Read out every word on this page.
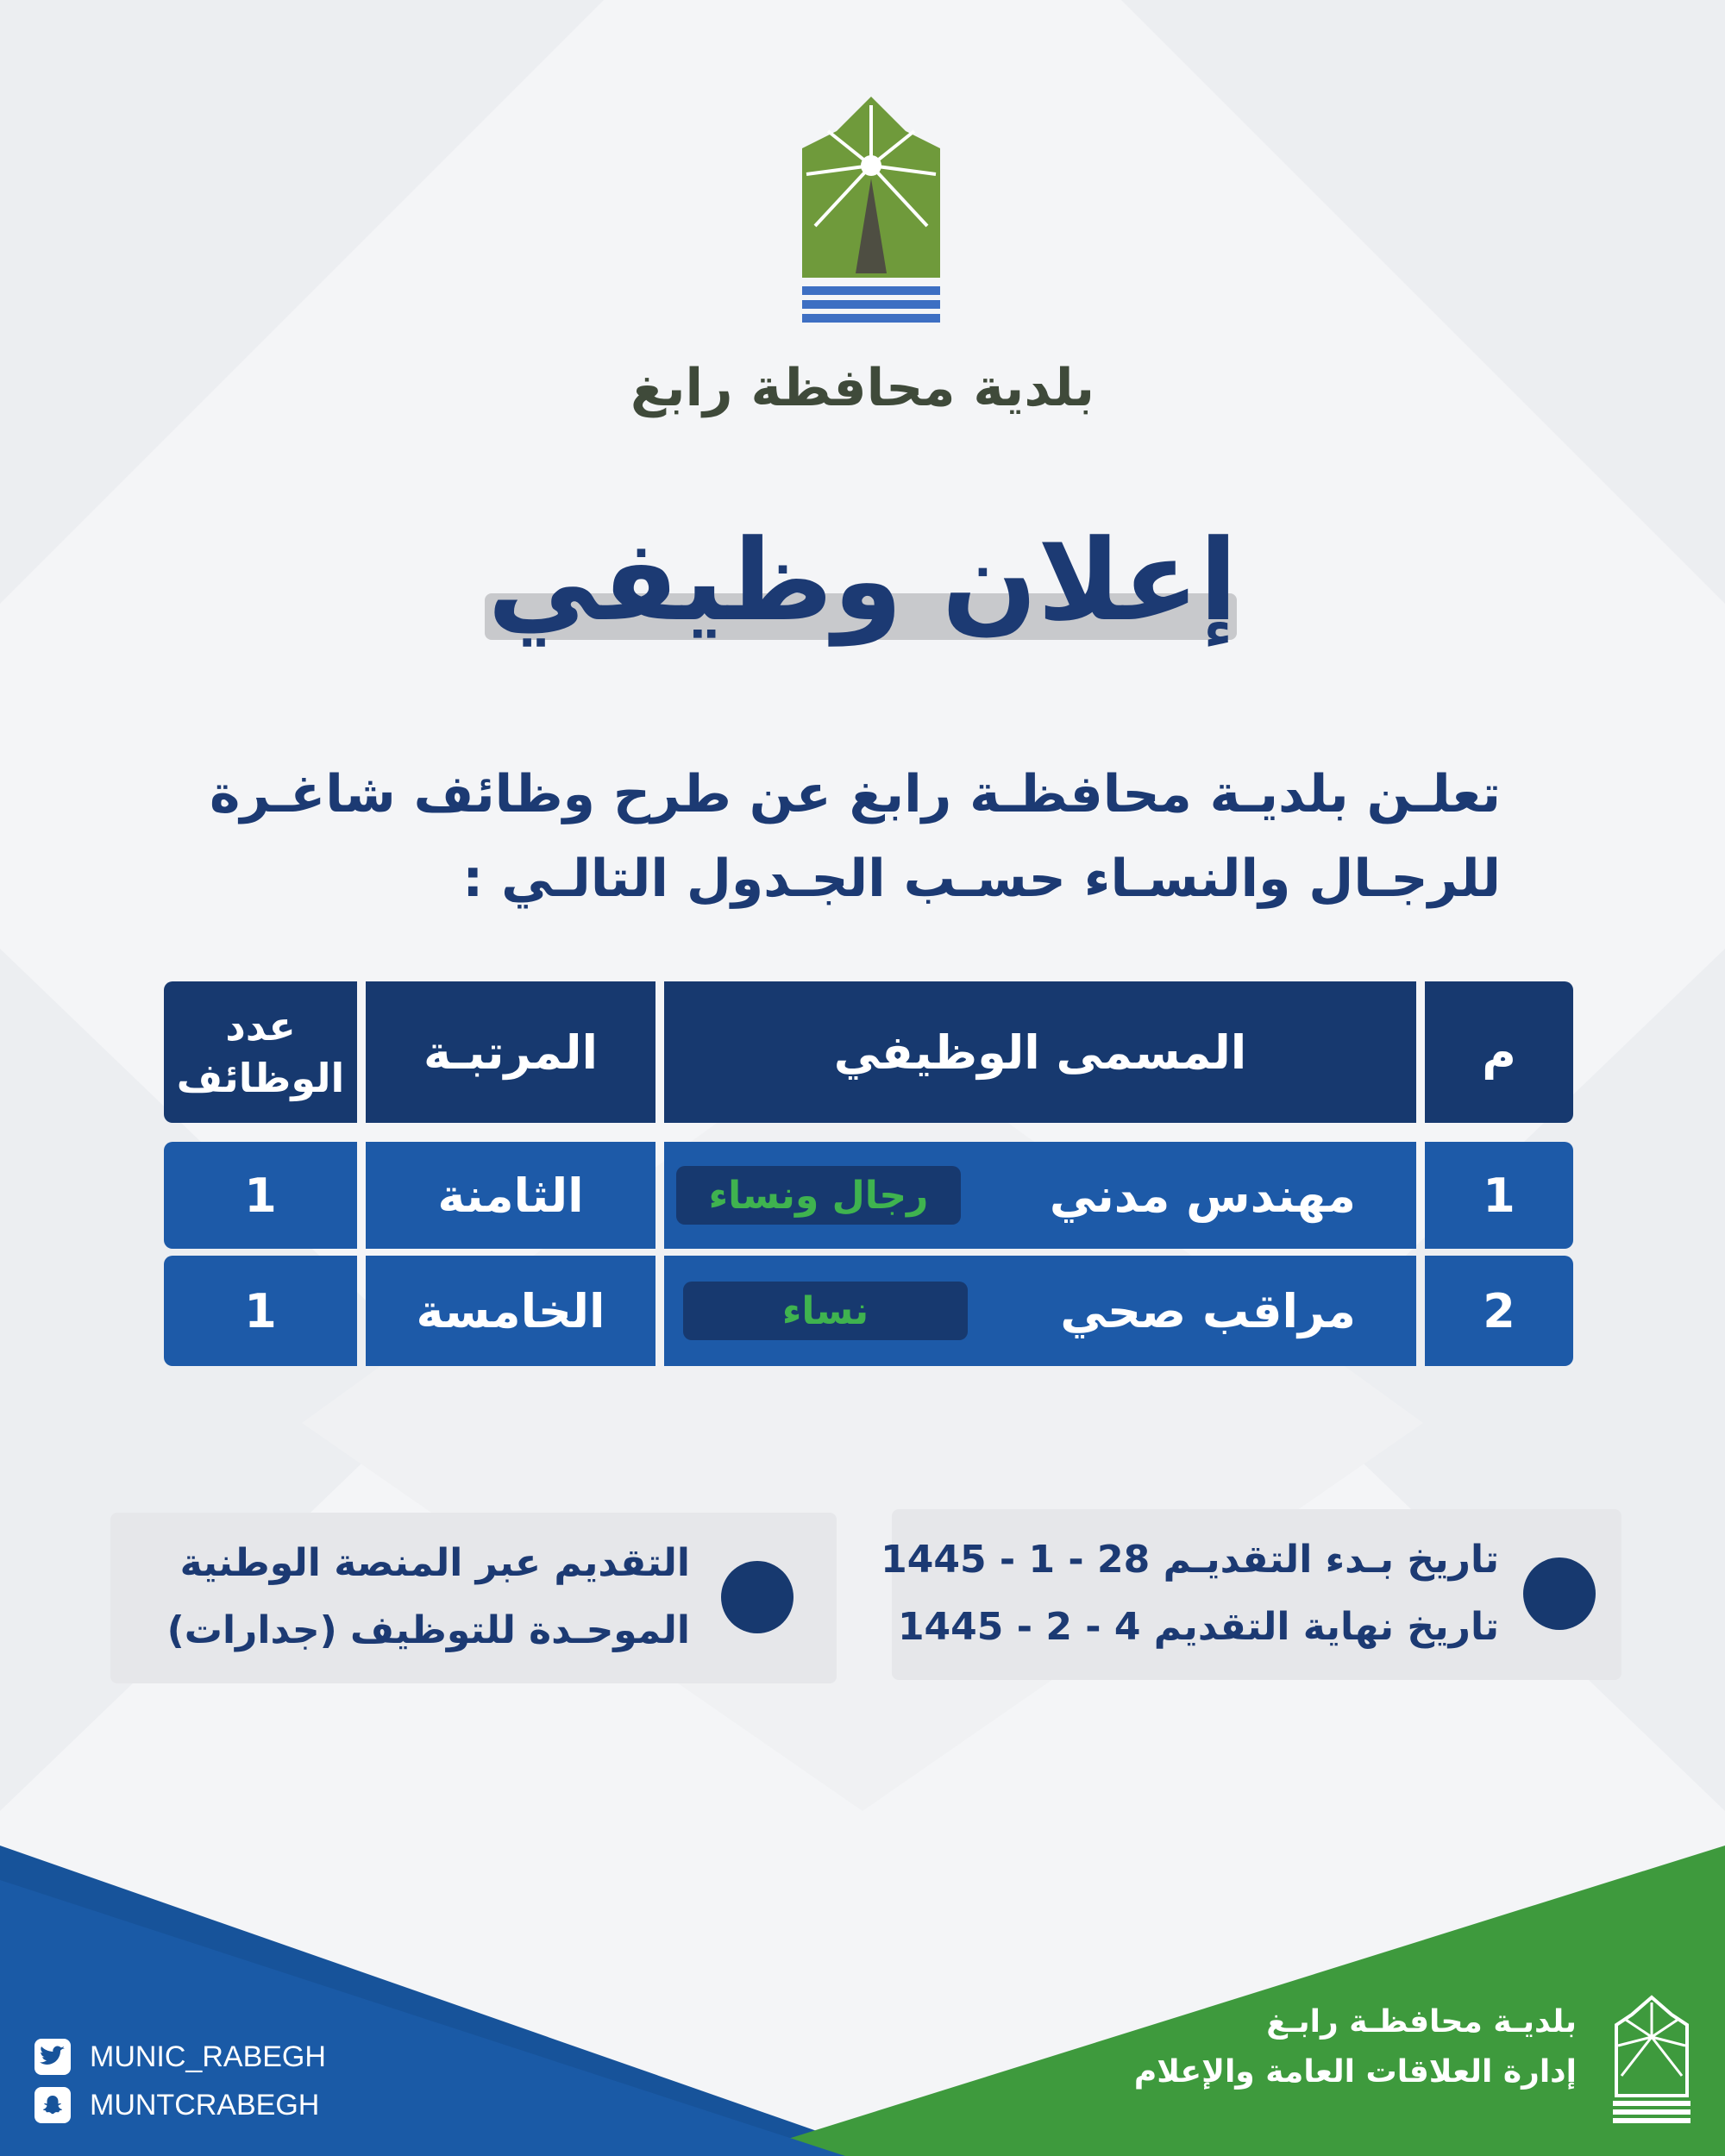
بلدية محافظة رابغ
إعلان وظيفي
تعلـن بلديـة محافظـة رابغ عن طرح وظائف شاغـرة
للرجـال والنسـاء حسـب الجـدول التالـي :
م
المسمى الوظيفي
المرتبـة
عدد
الوظائف
1
مهندس مدني
رجال ونساء
الثامنة
1
2
مراقب صحي
نساء
الخامسة
1
تاريخ بـدء التقديـم 28 - 1 - 1445
تاريخ نهاية التقديم 4 - 2 - 1445
التقديم عبر المنصة الوطنية
الموحـدة للتوظيف (جدارات)
MUNIC_RABEGH
MUNTCRABEGH
بلديـة محافظـة رابـغ
إدارة العلاقات العامة والإعلام
